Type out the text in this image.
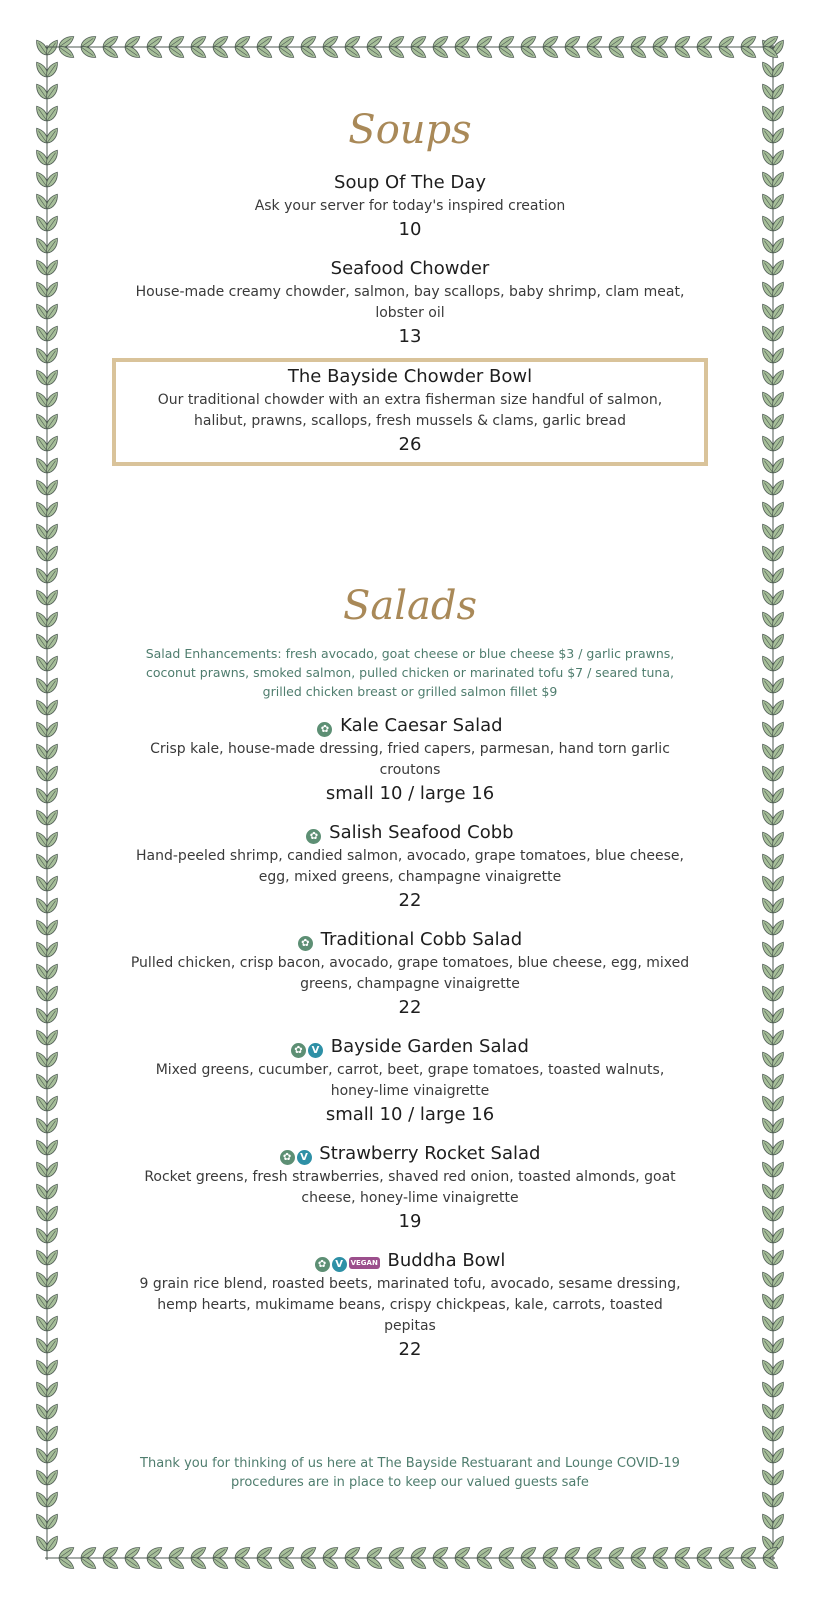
Soups
Soup Of The Day
Ask your server for today's inspired creation
10
Seafood Chowder
House-made creamy chowder, salmon, bay scallops, baby shrimp, clam meat, lobster oil
13
The Bayside Chowder Bowl
Our traditional chowder with an extra fisherman size handful of salmon, halibut, prawns, scallops, fresh mussels & clams, garlic bread
26
Salads
Salad Enhancements: fresh avocado, goat cheese or blue cheese $3 / garlic prawns, coconut prawns, smoked salmon, pulled chicken or marinated tofu $7 / seared tuna, grilled chicken breast or grilled salmon fillet $9
✿ Kale Caesar Salad
Crisp kale, house-made dressing, fried capers, parmesan, hand torn garlic croutons
small 10 / large 16
✿ Salish Seafood Cobb
Hand-peeled shrimp, candied salmon, avocado, grape tomatoes, blue cheese, egg, mixed greens, champagne vinaigrette
22
✿ Traditional Cobb Salad
Pulled chicken, crisp bacon, avocado, grape tomatoes, blue cheese, egg, mixed greens, champagne vinaigrette
22
✿ V Bayside Garden Salad
Mixed greens, cucumber, carrot, beet, grape tomatoes, toasted walnuts, honey-lime vinaigrette
small 10 / large 16
✿ V Strawberry Rocket Salad
Rocket greens, fresh strawberries, shaved red onion, toasted almonds, goat cheese, honey-lime vinaigrette
19
✿ V VEGAN Buddha Bowl
9 grain rice blend, roasted beets, marinated tofu, avocado, sesame dressing, hemp hearts, mukimame beans, crispy chickpeas, kale, carrots, toasted pepitas
22
Thank you for thinking of us here at The Bayside Restuarant and Lounge COVID-19 procedures are in place to keep our valued guests safe
